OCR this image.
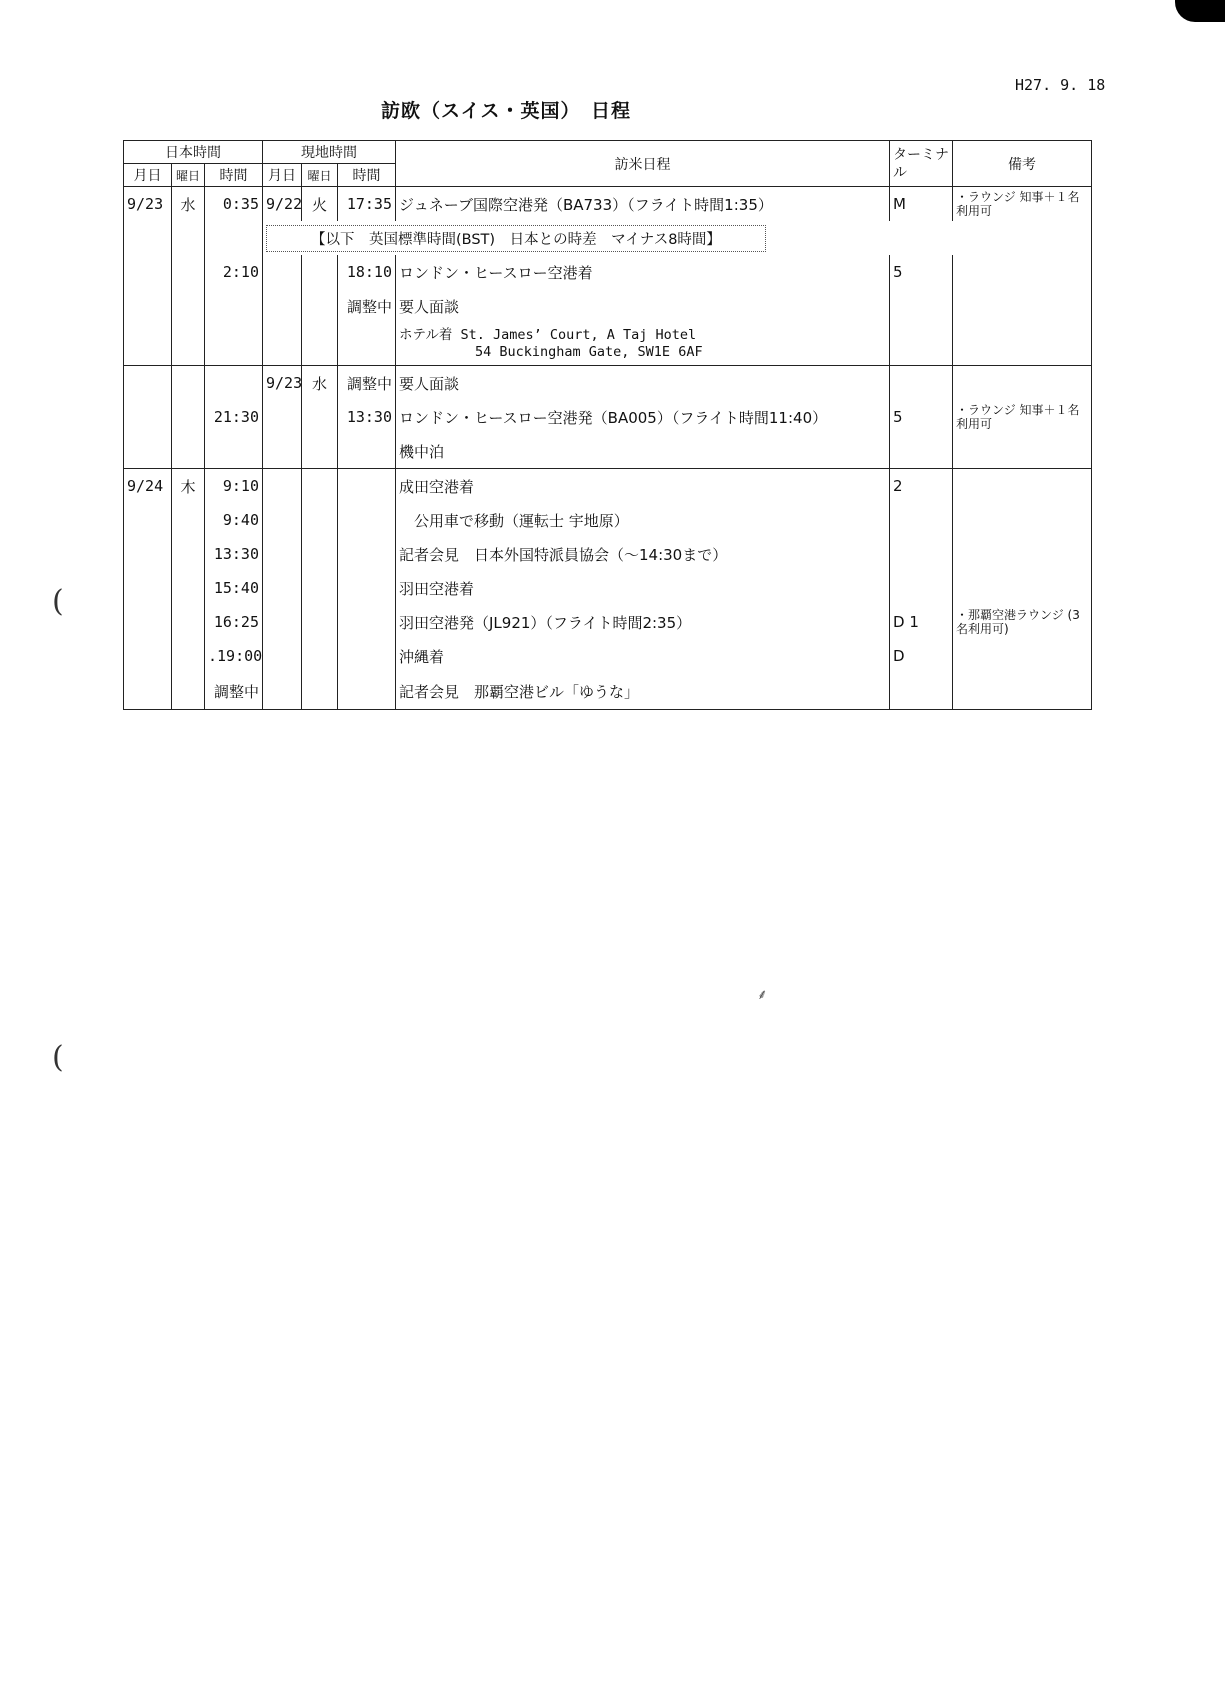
H27. 9. 18
訪欧（スイス・英国）　日程
日本時間			現地時間			訪米日程	ターミナル	備考
月日	曜日	時間	月日	曜日	時間			
9/23	水	0:35	9/22	火	17:35	ジュネーブ国際空港発（BA733）（フライト時間1:35）	M	・ラウンジ 知事＋１名利用可
			【以下　英国標準時間(BST)　日本との時差　マイナス8時間】					
		2:10			18:10	ロンドン・ヒースロー空港着	5	
					調整中	要人面談		

						ホテル着 St. James’ Court, A Taj Hotel
54 Buckingham Gate, SW1E 6AF		

			9/23	水	調整中	要人面談		
		21:30			13:30	ロンドン・ヒースロー空港発（BA005）（フライト時間11:40）	5	・ラウンジ 知事＋１名利用可
						機中泊		
9/24	木	9:10				成田空港着	2	
		9:40				　公用車で移動（運転士 宇地原）		
		13:30				記者会見　日本外国特派員協会（〜14:30まで）		
		15:40				羽田空港着		
		16:25				羽田空港発（JL921）（フライト時間2:35）	D 1	・那覇空港ラウンジ (3名利用可)
		.19:00				沖縄着	D	
		調整中				記者会見　那覇空港ビル「ゆうな」		
(
(
⸙
